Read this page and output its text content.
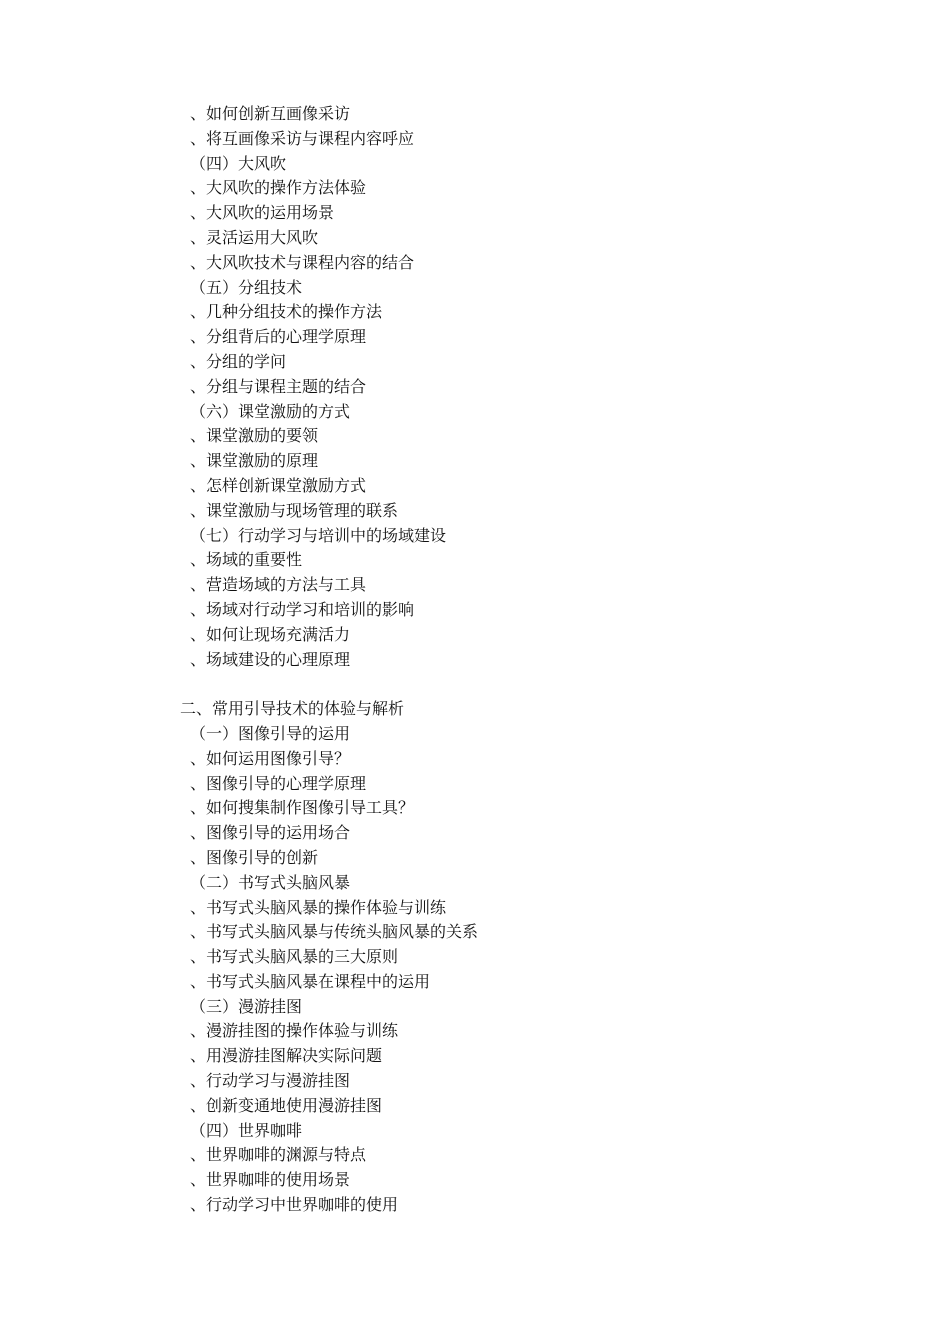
、如何创新互画像采访
、将互画像采访与课程内容呼应
（四）大风吹
、大风吹的操作方法体验
、大风吹的运用场景
、灵活运用大风吹
、大风吹技术与课程内容的结合
（五）分组技术
、几种分组技术的操作方法
、分组背后的心理学原理
、分组的学问
、分组与课程主题的结合
（六）课堂激励的方式
、课堂激励的要领
、课堂激励的原理
、怎样创新课堂激励方式
、课堂激励与现场管理的联系
（七）行动学习与培训中的场域建设
、场域的重要性
、营造场域的方法与工具
、场域对行动学习和培训的影响
、如何让现场充满活力
、场域建设的心理原理
二、常用引导技术的体验与解析
（一）图像引导的运用
、如何运用图像引导？
、图像引导的心理学原理
、如何搜集制作图像引导工具？
、图像引导的运用场合
、图像引导的创新
（二）书写式头脑风暴
、书写式头脑风暴的操作体验与训练
、书写式头脑风暴与传统头脑风暴的关系
、书写式头脑风暴的三大原则
、书写式头脑风暴在课程中的运用
（三）漫游挂图
、漫游挂图的操作体验与训练
、用漫游挂图解决实际问题
、行动学习与漫游挂图
、创新变通地使用漫游挂图
（四）世界咖啡
、世界咖啡的渊源与特点
、世界咖啡的使用场景
、行动学习中世界咖啡的使用
